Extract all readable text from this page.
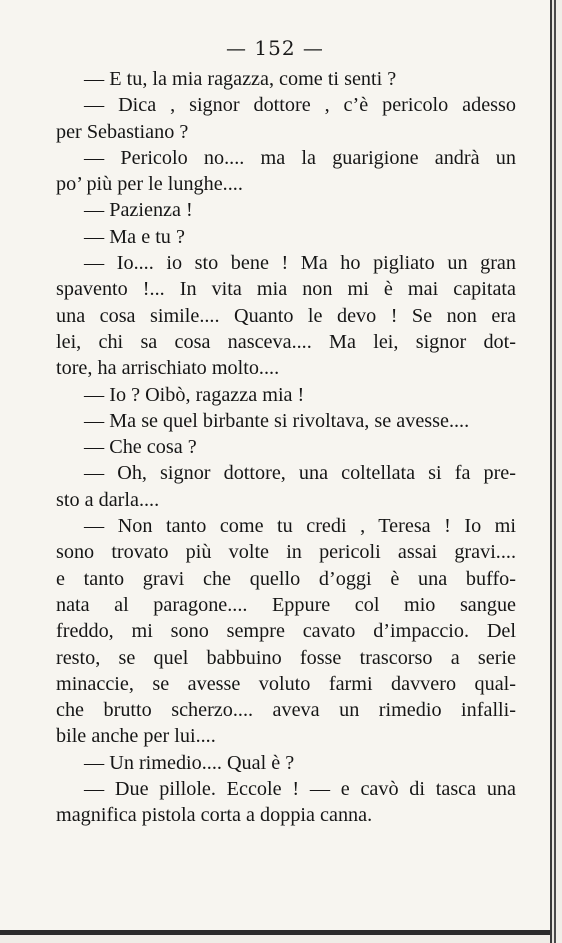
— 152 —
— E tu, la mia ragazza, come ti senti ?
— Dica , signor dottore , c’è pericolo adesso
per Sebastiano ?
— Pericolo no.... ma la guarigione andrà un
po’ più per le lunghe....
— Pazienza !
— Ma e tu ?
— Io.... io sto bene ! Ma ho pigliato un gran
spavento !... In vita mia non mi è mai capitata
una cosa simile.... Quanto le devo ! Se non era
lei, chi sa cosa nasceva.... Ma lei, signor dot-
tore, ha arrischiato molto....
— Io ? Oibò, ragazza mia !
— Ma se quel birbante si rivoltava, se avesse....
— Che cosa ?
— Oh, signor dottore, una coltellata si fa pre-
sto a darla....
— Non tanto come tu credi , Teresa ! Io mi
sono trovato più volte in pericoli assai gravi....
e tanto gravi che quello d’oggi è una buffo-
nata al paragone.... Eppure col mio sangue
freddo, mi sono sempre cavato d’impaccio. Del
resto, se quel babbuino fosse trascorso a serie
minaccie, se avesse voluto farmi davvero qual-
che brutto scherzo.... aveva un rimedio infalli-
bile anche per lui....
— Un rimedio.... Qual è ?
— Due pillole. Eccole ! — e cavò di tasca una
magnifica pistola corta a doppia canna.
